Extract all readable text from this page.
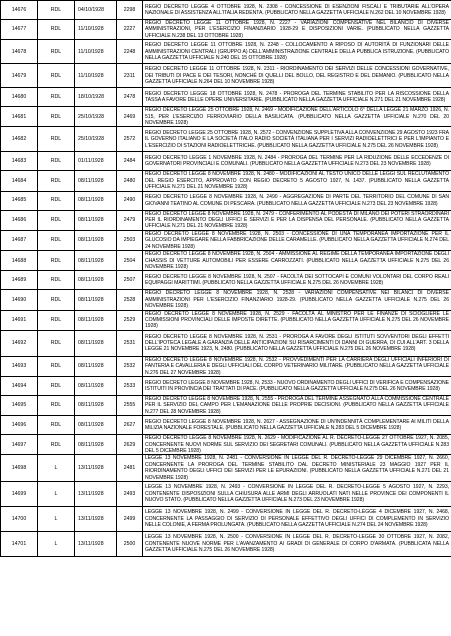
14676	RDL	04/10/1928	2298	REGIO DECRETO LEGGE 4 OTTOBRE 1928, N. 2308 - CONCESSIONE DI ESENZIONI FISCALI E TRIBUTARIE ALL'OPERA NAZIONALE DI ASSISTENZA ALL'ITALIA REDENTA. (PUBBLICATO NELLA GAZZETTA UFFICIALE N.262 DEL 10 NOVEMBRE 1928)
14677	RDL	11/10/1928	2227	REGIO DECRETO LEGGE 11 OTTOBRE 1928, N. 2227 - VARIAZIONI COMPENSATIVE NEL BILANCIO DI DIVERSE AMMINISTRAZIONI, PER L'ESERCIZIO FINANZIARIO 1928-29 E DISPOSIZIONI VARIE. (PUBBLICATO NELLA GAZZETTA UFFICIALE N.238 DEL 13 OTTOBRE 1928)
14678	RDL	11/10/1928	2248	REGIO DECRETO LEGGE 11 OTTOBRE 1928, N. 2248 - COLLOCAMENTO A RIPOSO DI AUTORITÀ DI FUNZIONARI DELLE AMMINISTRAZIONI CENTRALI (GRUPPO A) DELL'AMMINISTRAZIONE CENTRALE DELLA PUBBLICA ISTRUZIONE. (PUBBLICATO NELLA GAZZETTA UFFICIALE N.240 DEL 15 OTTOBRE 1928)
14679	RDL	11/10/1928	2311	REGIO DECRETO LEGGE 11 OTTOBRE 1928, N. 2311 - RIORDINAMENTO DEI SERVIZI DELLE CONCESSIONI GOVERNATIVE, DEI TRIBUTI DI PACE E DEI TESORI, NONCHÉ DI QUELLI DEL BOLLO, DEL REGISTRO E DEL DEMANIO. (PUBBLICATO NELLA GAZZETTA UFFICIALE N.264 DEL 10 NOVEMBRE 1928)
14680	RDL	18/10/1928	2478	REGIO DECRETO LEGGE 18 OTTOBRE 1928, N. 2478 - PROROGA DEL TERMINE STABILITO PER LA RISCOSSIONE DELLA TASSA A FAVORE DELLE OPERE UNIVERSITARIE. (PUBBLICATO NELLA GAZZETTA UFFICIALE N.271 DEL 21 NOVEMBRE 1928)
14681	RDL	25/10/1928	2469	REGIO DECRETO LEGGE 25 OTTOBRE 1928, N. 2469 - MODIFICAZIONE DELL'ARTICOLO 6° DELLA LEGGE 21 MARZO 1926, N. 515, PER L'ESERCIZIO FERROVIARIO DELLA BASILICATA. (PUBBLICATO NELLA GAZZETTA UFFICIALE N.270 DEL 20 NOVEMBRE 1928)
14682	RDL	25/10/1928	2572	REGIO DECRETO LEGGE 25 OTTOBRE 1928, N. 2572 - CONVENZIONE SUPPLETIVA ALLA CONVENZIONE 29 AGOSTO 1923 FRA IL GOVERNO ITALIANO E LA SOCIETÀ ITALO RADIO SOCIETÀ ITALIANA PER I SERVIZI RADIOELETTRICI E PER L'IMPIANTO E L'ESERCIZIO DI STAZIONI RADIOELETTRICHE. (PUBBLICATO NELLA GAZZETTA UFFICIALE N.275 DEL 26 NOVEMBRE 1928)
14683	RDL	01/11/1928	2484	REGIO DECRETO LEGGE 1 NOVEMBRE 1928, N. 2484 - PROROGA DEL TERMINE PER LA RIDUZIONE DELLE ECCEDENZE DI GOVERNATORI PROVINCIALI E COMUNALI. (PUBBLICATO NELLA GAZZETTA UFFICIALE N.273 DEL 23 NOVEMBRE 1928)
14684	RDL	08/11/1928	2480	REGIO DECRETO LEGGE 8 NOVEMBRE 1928, N. 2480 - MODIFICAZIONI AL TESTO UNICO DELLE LEGGI SUL RECLUTAMENTO DEL REGIO ESERCITO, APPROVATO CON REGIO DECRETO 5 AGOSTO 1927, N. 1437. (PUBBLICATO NELLA GAZZETTA UFFICIALE N.271 DEL 21 NOVEMBRE 1928)
14685	RDL	08/11/1928	2490	REGIO DECRETO LEGGE 8 NOVEMBRE 1928, N. 2490 - AGGREGAZIONE DI PARTE DEL TERRITORIO DEL COMUNE DI SAN GIOVANNI TEATINO AL COMUNE DI PESCARA. (PUBBLICATO NELLA GAZZETTA UFFICIALE N.273 DEL 23 NOVEMBRE 1928)
14686	RDL	08/11/1928	2479	REGIO DECRETO LEGGE 8 NOVEMBRE 1928, N. 2479 - CONFERIMENTO AL PODESTÀ DI MILANO DEI POTERI STRAORDINARI PER IL RIORDINAMENTO DEGLI UFFICI E SERVIZI E PER LA DISPENSA DEL PERSONALE. (PUBBLICATO NELLA GAZZETTA UFFICIALE N.271 DEL 21 NOVEMBRE 1928)
14687	RDL	08/11/1928	2503	REGIO DECRETO LEGGE 8 NOVEMBRE 1928, N. 2503 - CONCESSIONE DI UNA TEMPORANEA IMPORTAZIONE PER IL GLUCOSIO DA IMPIEGARE NELLA FABBRICAZIONE DELLE CARAMELLE. (PUBBLICATO NELLA GAZZETTA UFFICIALE N.274 DEL 24 NOVEMBRE 1928)
14688	RDL	08/11/1928	2504	REGIO DECRETO LEGGE 8 NOVEMBRE 1928, N. 2504 - AMMISSIONE AL REGIME DELLA TEMPORANEA IMPORTAZIONE DEGLI CHASSIS DI VETTURE AUTOMOBILI PER ESSERE CARROZZATI. (PUBBLICATO NELLA GAZZETTA UFFICIALE N.275 DEL 26 NOVEMBRE 1928)
14689	RDL	08/11/1928	2507	REGIO DECRETO LEGGE 8 NOVEMBRE 1928, N. 2507 - FACOLTÀ DEI SOTTOCAPI E COMUNI VOLONTARI DEL CORPO REALI EQUIPAGGI MARITTIMI. (PUBBLICATO NELLA GAZZETTA UFFICIALE N.275 DEL 26 NOVEMBRE 1928)
14690	RDL	08/11/1928	2528	REGIO DECRETO LEGGE 8 NOVEMBRE 1928, N. 2528 - VARIAZIONI COMPENSATIVE NEI BILANCI DI DIVERSE AMMINISTRAZIONI PER L'ESERCIZIO FINANZIARIO 1928-29. (PUBBLICATO NELLA GAZZETTA UFFICIALE N.275 DEL 26 NOVEMBRE 1928)
14691	RDL	08/11/1928	2529	REGIO DECRETO LEGGE 8 NOVEMBRE 1928, N. 2529 - FACOLTÀ AL MINISTRO PER LE FINANZE DI SCIOGLIERE LE COMMISSIONI PROVINCIALI DELLE IMPOSTE DIRETTE. (PUBBLICATO NELLA GAZZETTA UFFICIALE N.275 DEL 26 NOVEMBRE 1928)
14692	RDL	08/11/1928	2531	REGIO DECRETO LEGGE 8 NOVEMBRE 1928, N. 2531 - PROROGA A FAVORE DEGLI ISTITUTI SOVVENTORI DEGLI EFFETTI DELL'IPOTECA LEGALE A GARANZIA DELLE ANTICIPAZIONI SU RISARCIMENTI DI DANNI DI GUERRA, DI CUI ALL'ART. 3 DELLA LEGGE 21 NOVEMBRE 1923, N. 2480. (PUBBLICATO NELLA GAZZETTA UFFICIALE N.275 DEL 26 NOVEMBRE 1928)
14693	RDL	08/11/1928	2532	REGIO DECRETO LEGGE 8 NOVEMBRE 1928, N. 2532 - PROVVEDIMENTI PER LA CARRIERA DEGLI UFFICIALI INFERIORI DI FANTERIA E CAVALLERIA E DEGLI UFFICIALI DEL CORPO VETERINARIO MILITARE. (PUBBLICATO NELLA GAZZETTA UFFICIALE N.276 DEL 27 NOVEMBRE 1928)
14694	RDL	08/11/1928	2533	REGIO DECRETO LEGGE 8 NOVEMBRE 1928, N. 2533 - NUOVO ORDINAMENTO DEGLI UFFICI DI VERIFICA E COMPENSAZIONE ISTITUITI IN PROVINCIA DEI TRATTATI DI PACE. (PUBBLICATO NELLA GAZZETTA UFFICIALE N.275 DEL 26 NOVEMBRE 1928)
14695	RDL	08/11/1928	2555	REGIO DECRETO LEGGE 8 NOVEMBRE 1928, N. 2555 - PROROGA DEL TERMINE ASSEGNATO ALLA COMMISSIONE CENTRALE PER IL SERVIZIO DEL CAMPO PER L'EMANAZIONE DELLE PROPRIE DECISIONI. (PUBBLICATO NELLA GAZZETTA UFFICIALE N.277 DEL 28 NOVEMBRE 1928)
14696	RDL	08/11/1928	2627	REGIO DECRETO LEGGE 8 NOVEMBRE 1928, N. 2627 - ASSEGNAZIONE DI UN'INDENNITÀ COMPLEMENTARE AI MILITI DELLA MILIZIA NAZIONALE FORESTALE. (PUBBLICATO NELLA GAZZETTA UFFICIALE N.283 DEL 5 DICEMBRE 1928)
14697	RDL	08/11/1928	2629	REGIO DECRETO LEGGE 8 NOVEMBRE 1928, N. 2629 - MODIFICAZIONE AL R. DECRETO-LEGGE 27 OTTOBRE 1927, N. 2085, CONCERNENTE NUOVI NORME SUL SERVIZIO DEI SEGRETARI COMUNALI. (PUBBLICATO NELLA GAZZETTA UFFICIALE N.283 DEL 5 DICEMBRE 1928)
14698	L	13/11/1928	2481	LEGGE 13 NOVEMBRE 1928, N. 2481 - CONVERSIONE IN LEGGE DEL R. DECRETO-LEGGE 29 DICEMBRE 1927, N. 2660, CONCERNENTE LA PROROGA DEL TERMINE STABILITO DAL DECRETO MINISTERIALE 23 MAGGIO 1927 PER IL RIORDINAMENTO DEGLI UFFICI DEI SERVIZI PER LE EPURAZIONI. (PUBBLICATO NELLA GAZZETTA UFFICIALE N.271 DEL 21 NOVEMBRE 1928)
14699	L	13/11/1928	2493	LEGGE 13 NOVEMBRE 1928, N. 2493 - CONVERSIONE IN LEGGE DEL R. DECRETO-LEGGE 5 AGOSTO 1927, N. 2293, CONTENENTE DISPOSIZIONI SULLA CHIUSURA ALLE ARMI DEGLI ARRUOLATI NATI NELLE PROVINCE DEI COMPONENTI IL NUOVO STATO. (PUBBLICATO NELLA GAZZETTA UFFICIALE N.273 DEL 23 NOVEMBRE 1928)
14700	L	13/11/1928	2499	LEGGE 13 NOVEMBRE 1928, N. 2499 - CONVERSIONE IN LEGGE DEL R. DECRETO-LEGGE 4 DICEMBRE 1927, N. 2468, CONCERNENTE LA PASSAGGIO DI SERVIZIO DI PERSONALE EFFETTIVO DEGLI UFFICI DI COMPLEMENTO IN SERVIZIO NELLE COLONIE, A FERMA PROLUNGATA. (PUBBLICATO NELLA GAZZETTA UFFICIALE N.274 DEL 24 NOVEMBRE 1928)
14701	L	13/11/1928	2500	LEGGE 13 NOVEMBRE 1928, N. 2500 - CONVERSIONE IN LEGGE DEL R. DECRETO-LEGGE 30 OTTOBRE 1927, N. 2082, CONTENENTE NUOVE NORME PER L'AVANZAMENTO AI GRADI DI GENERALE DI CORPO D'ARMATA. (PUBBLICATA NELLA GAZZETTA UFFICIALE N.275 DEL 26 NOVEMBRE 1928)
